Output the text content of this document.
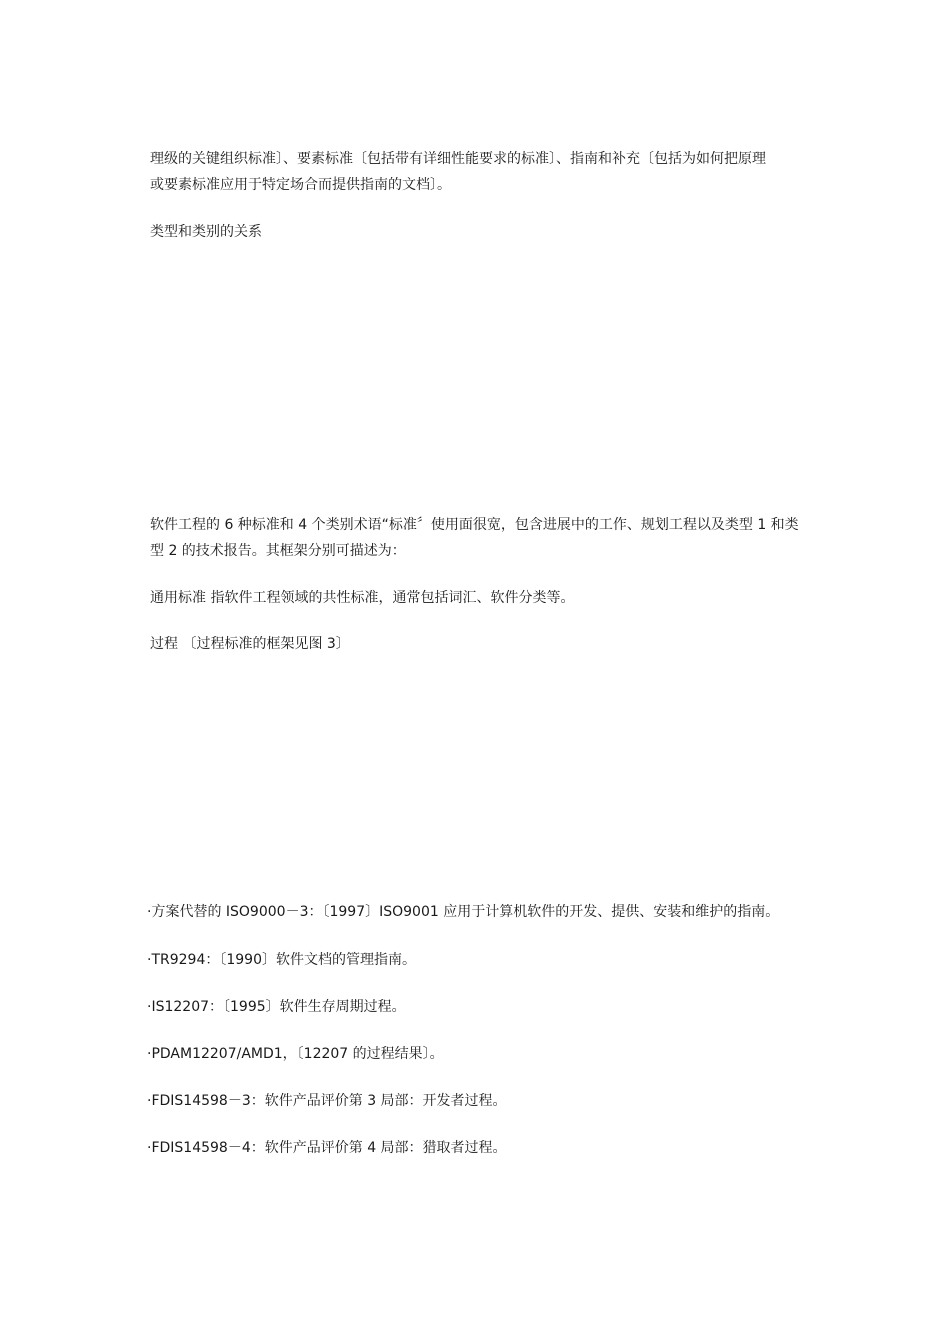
理级的关键组织标准〕、要素标准〔包括带有详细性能要求的标准〕、指南和补充〔包括为如何把原理
或要素标准应用于特定场合而提供指南的文档〕。
类型和类别的关系
软件工程的 6 种标准和 4 个类别术语“标准〞使用面很宽，包含进展中的工作、规划工程以及类型 1 和类
型 2 的技术报告。其框架分别可描述为：
通用标准 指软件工程领域的共性标准，通常包括词汇、软件分类等。
过程 〔过程标准的框架见图 3〕
·方案代替的 ISO9000－3：〔1997〕ISO9001 应用于计算机软件的开发、提供、安装和维护的指南。
·TR9294：〔1990〕软件文档的管理指南。
·IS12207：〔1995〕软件生存周期过程。
·PDAM12207/AMD1，〔12207 的过程结果〕。
·FDIS14598－3：软件产品评价第 3 局部：开发者过程。
·FDIS14598－4：软件产品评价第 4 局部：猎取者过程。
